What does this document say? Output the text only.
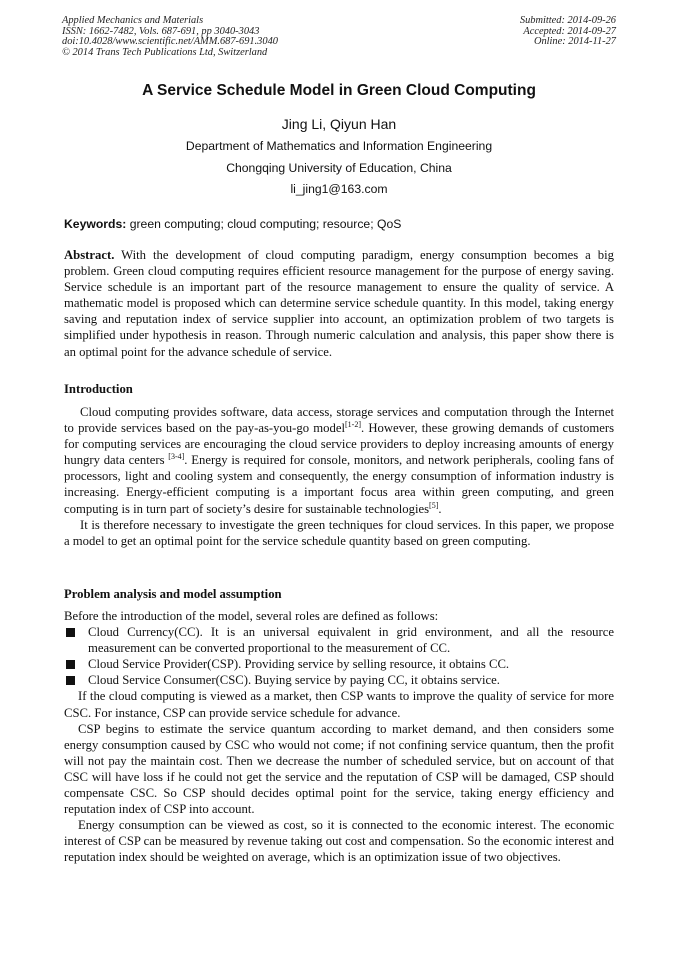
Applied Mechanics and Materials
ISSN: 1662-7482, Vols. 687-691, pp 3040-3043
doi:10.4028/www.scientific.net/AMM.687-691.3040
© 2014 Trans Tech Publications Ltd, Switzerland
Submitted: 2014-09-26
Accepted: 2014-09-27
Online: 2014-11-27
A Service Schedule Model in Green Cloud Computing
Jing Li, Qiyun Han
Department of Mathematics and Information Engineering
Chongqing University of Education, China
li_jing1@163.com
Keywords: green computing; cloud computing; resource; QoS
Abstract. With the development of cloud computing paradigm, energy consumption becomes a big problem. Green cloud computing requires efficient resource management for the purpose of energy saving. Service schedule is an important part of the resource management to ensure the quality of service. A mathematic model is proposed which can determine service schedule quantity. In this model, taking energy saving and reputation index of service supplier into account, an optimization problem of two targets is simplified under hypothesis in reason. Through numeric calculation and analysis, this paper show there is an optimal point for the advance schedule of service.
Introduction

Cloud computing provides software, data access, storage services and computation through the Internet to provide services based on the pay-as-you-go model[1-2]. However, these growing demands of customers for computing services are encouraging the cloud service providers to deploy increasing amounts of energy hungry data centers [3-4]. Energy is required for console, monitors, and network peripherals, cooling fans of processors, light and cooling system and consequently, the energy consumption of information industry is increasing. Energy-efficient computing is a important focus area within green computing, and green computing is in turn part of society’s desire for sustainable technologies[5].

It is therefore necessary to investigate the green techniques for cloud services. In this paper, we propose a model to get an optimal point for the service schedule quantity based on green computing.

Problem analysis and model assumption

Before the introduction of the model, several roles are defined as follows:

Cloud Currency(CC). It is an universal equivalent in grid environment, and all the resource measurement can be converted proportional to the measurement of CC.
Cloud Service Provider(CSP). Providing service by selling resource, it obtains CC.
Cloud Service Consumer(CSC). Buying service by paying CC, it obtains service.

If the cloud computing is viewed as a market, then CSP wants to improve the quality of service for more CSC. For instance, CSP can provide service schedule for advance.

CSP begins to estimate the service quantum according to market demand, and then considers some energy consumption caused by CSC who would not come; if not confining service quantum, then the profit will not pay the maintain cost. Then we decrease the number of scheduled service, but on account of that CSC will have loss if he could not get the service and the reputation of CSP will be damaged, CSP should compensate CSC. So CSP should decides optimal point for the service, taking energy efficiency and reputation index of CSP into account.

Energy consumption can be viewed as cost, so it is connected to the economic interest. The economic interest of CSP can be measured by revenue taking out cost and compensation. So the economic interest and reputation index should be weighted on average, which is an optimization issue of two objectives.
